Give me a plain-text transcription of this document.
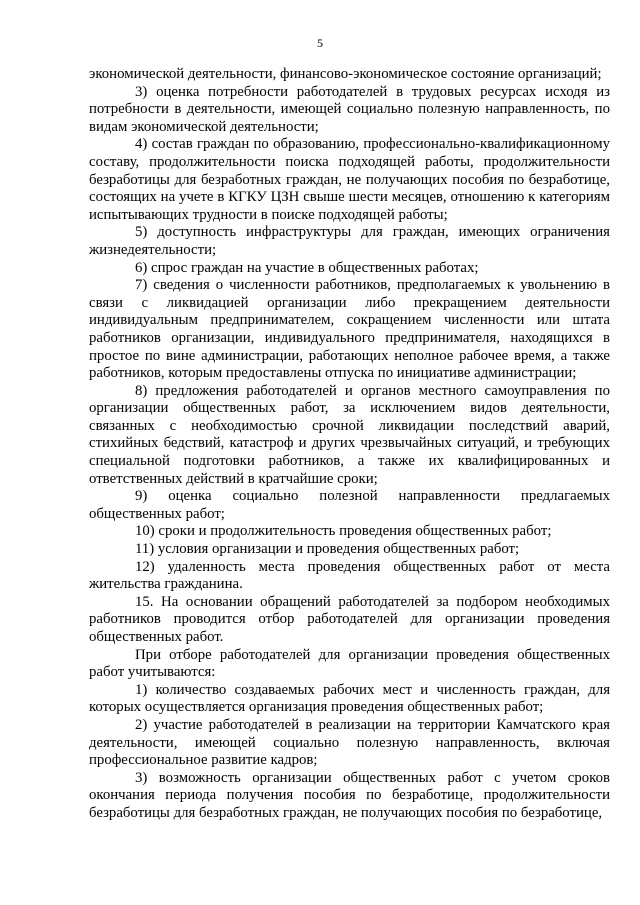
5

экономической деятельности, финансово-экономическое состояние организаций;

3) оценка потребности работодателей в трудовых ресурсах исходя из потребности в деятельности, имеющей социально полезную направленность, по видам экономической деятельности;

4) состав граждан по образованию, профессионально-квалификационному составу, продолжительности поиска подходящей работы, продолжительности безработицы для безработных граждан, не получающих пособия по безработице, состоящих на учете в КГКУ ЦЗН свыше шести месяцев, отношению к категориям испытывающих трудности в поиске подходящей работы;

5) доступность инфраструктуры для граждан, имеющих ограничения жизнедеятельности;

6) спрос граждан на участие в общественных работах;

7) сведения о численности работников, предполагаемых к увольнению в связи с ликвидацией организации либо прекращением деятельности индивидуальным предпринимателем, сокращением численности или штата работников организации, индивидуального предпринимателя, находящихся в простое по вине администрации, работающих неполное рабочее время, а также работников, которым предоставлены отпуска по инициативе администрации;

8) предложения работодателей и органов местного самоуправления по организации общественных работ, за исключением видов деятельности, связанных с необходимостью срочной ликвидации последствий аварий, стихийных бедствий, катастроф и других чрезвычайных ситуаций, и требующих специальной подготовки работников, а также их квалифицированных и ответственных действий в кратчайшие сроки;

9) оценка социально полезной направленности предлагаемых общественных работ;

10) сроки и продолжительность проведения общественных работ;

11) условия организации и проведения общественных работ;

12) удаленность места проведения общественных работ от места жительства гражданина.

15. На основании обращений работодателей за подбором необходимых работников проводится отбор работодателей для организации проведения общественных работ.

При отборе работодателей для организации проведения общественных работ учитываются:

1) количество создаваемых рабочих мест и численность граждан, для которых осуществляется организация проведения общественных работ;

2) участие работодателей в реализации на территории Камчатского края деятельности, имеющей социально полезную направленность, включая профессиональное развитие кадров;

3) возможность организации общественных работ с учетом сроков окончания периода получения пособия по безработице, продолжительности безработицы для безработных граждан, не получающих пособия по безработице,
